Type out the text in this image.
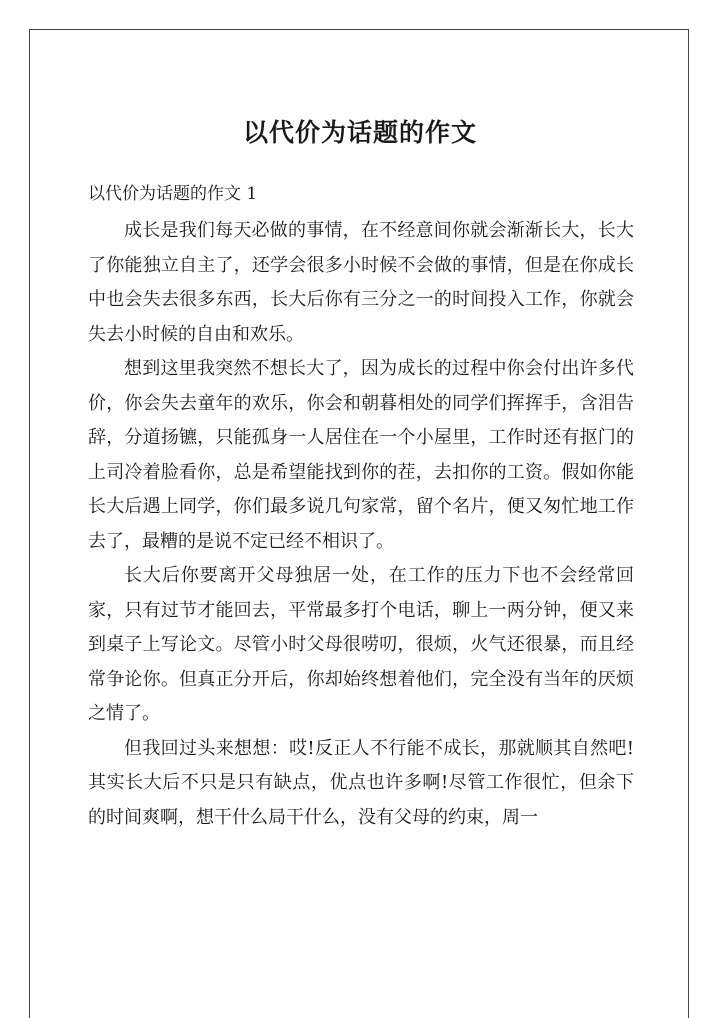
以代价为话题的作文

以代价为话题的作文 1

成长是我们每天必做的事情，在不经意间你就会渐渐长大，长大了你能独立自主了，还学会很多小时候不会做的事情，但是在你成长中也会失去很多东西，长大后你有三分之一的时间投入工作，你就会失去小时候的自由和欢乐。

想到这里我突然不想长大了，因为成长的过程中你会付出许多代价，你会失去童年的欢乐，你会和朝暮相处的同学们挥挥手，含泪告辞，分道扬镳，只能孤身一人居住在一个小屋里，工作时还有抠门的上司冷着脸看你，总是希望能找到你的茬，去扣你的工资。假如你能长大后遇上同学，你们最多说几句家常，留个名片，便又匆忙地工作去了，最糟的是说不定已经不相识了。

长大后你要离开父母独居一处，在工作的压力下也不会经常回家，只有过节才能回去，平常最多打个电话，聊上一两分钟，便又来到桌子上写论文。尽管小时父母很唠叨，很烦，火气还很暴，而且经常争论你。但真正分开后，你却始终想着他们，完全没有当年的厌烦之情了。

但我回过头来想想：哎!反正人不行能不成长，那就顺其自然吧!其实长大后不只是只有缺点，优点也许多啊!尽管工作很忙，但余下的时间爽啊，想干什么局干什么，没有父母的约束，周一
